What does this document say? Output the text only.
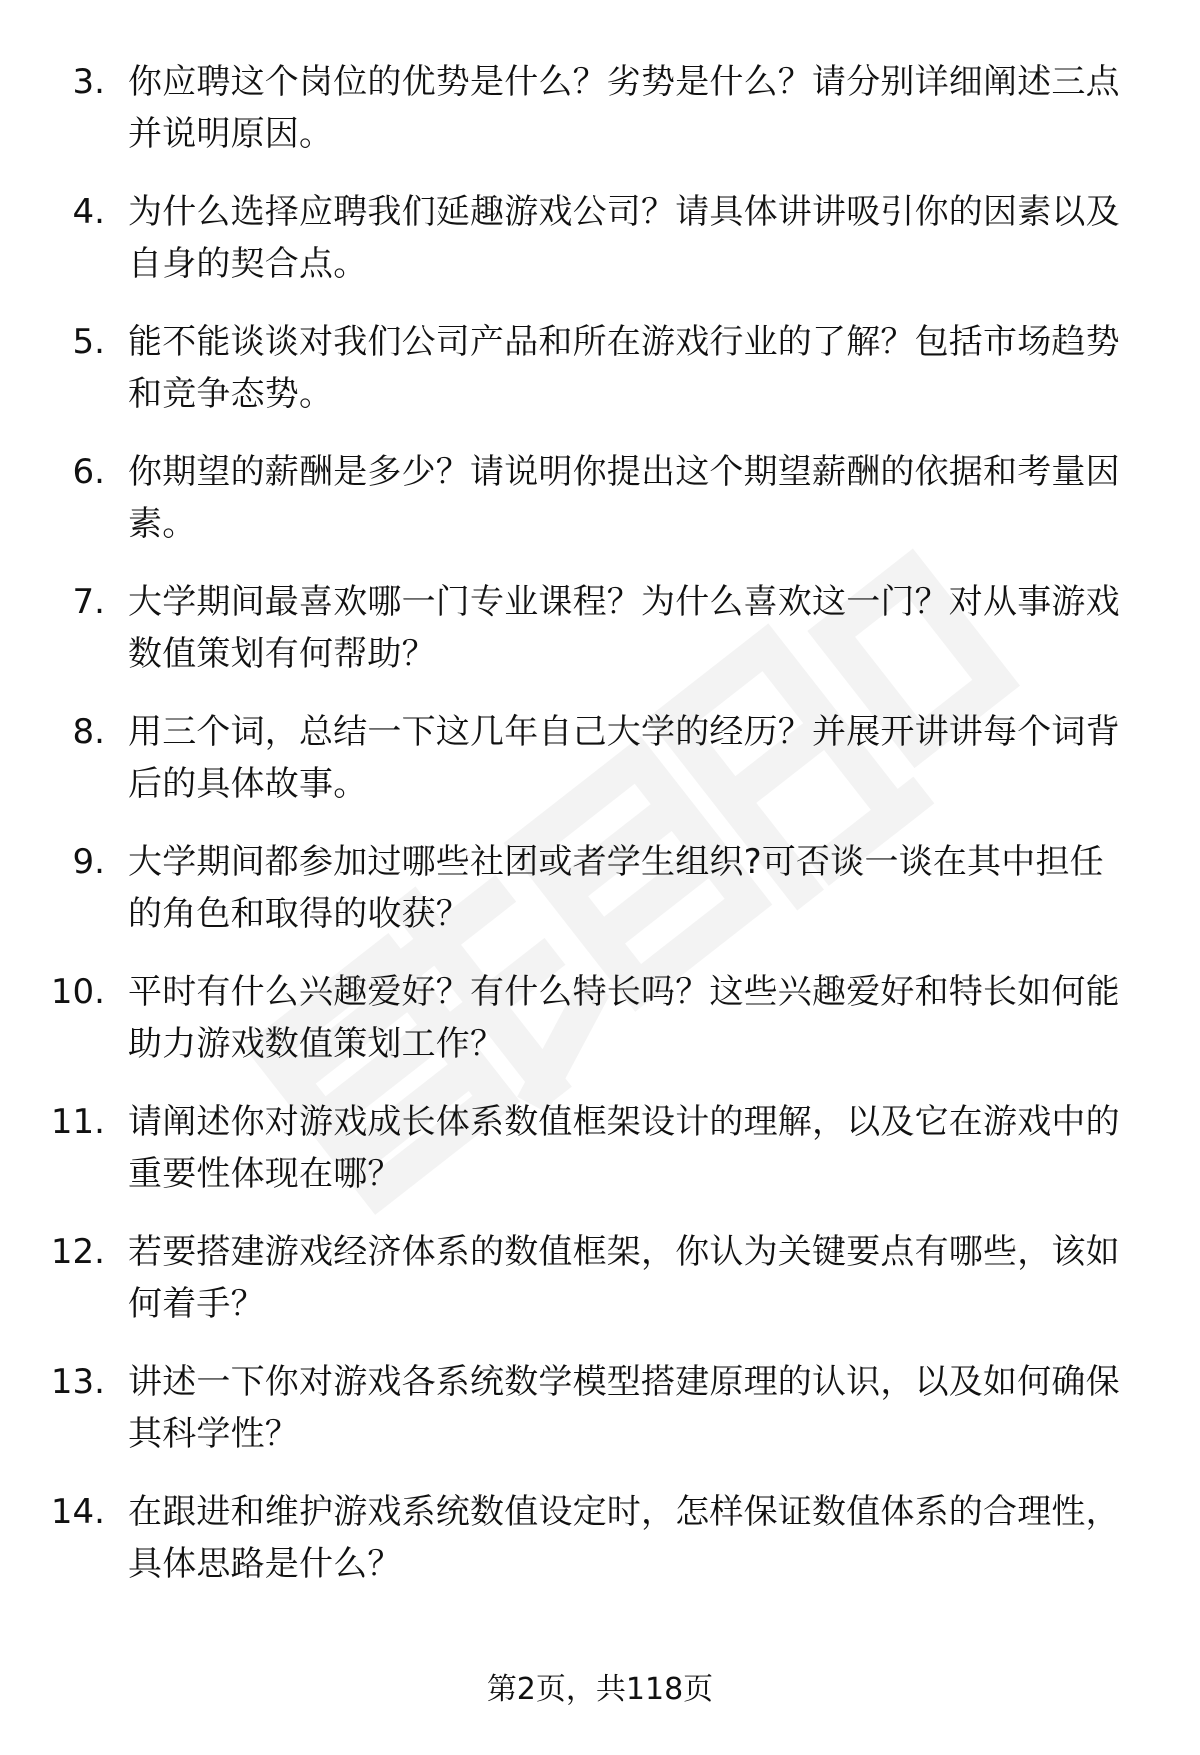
3. 你应聘这个岗位的优势是什么？劣势是什么？请分别详细阐述三点并说明原因。
4. 为什么选择应聘我们延趣游戏公司？请具体讲讲吸引你的因素以及自身的契合点。
5. 能不能谈谈对我们公司产品和所在游戏行业的了解？包括市场趋势和竞争态势。
6. 你期望的薪酬是多少？请说明你提出这个期望薪酬的依据和考量因素。
7. 大学期间最喜欢哪一门专业课程？为什么喜欢这一门？对从事游戏数值策划有何帮助？
8. 用三个词，总结一下这几年自己大学的经历？并展开讲讲每个词背后的具体故事。
9. 大学期间都参加过哪些社团或者学生组织?可否谈一谈在其中担任的角色和取得的收获？
10. 平时有什么兴趣爱好？有什么特长吗？这些兴趣爱好和特长如何能助力游戏数值策划工作？
11. 请阐述你对游戏成长体系数值框架设计的理解，以及它在游戏中的重要性体现在哪？
12. 若要搭建游戏经济体系的数值框架，你认为关键要点有哪些，该如何着手？
13. 讲述一下你对游戏各系统数学模型搭建原理的认识，以及如何确保其科学性？
14. 在跟进和维护游戏系统数值设定时，怎样保证数值体系的合理性，具体思路是什么？
第2页，共118页
